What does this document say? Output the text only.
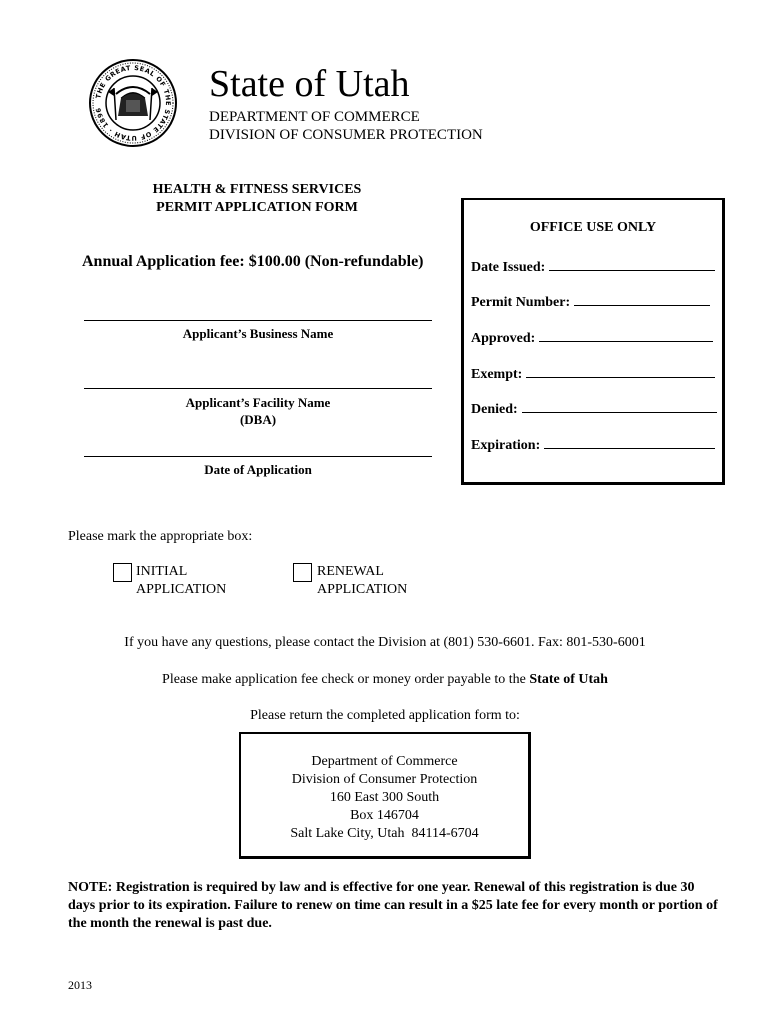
THE GREAT SEAL OF THE STATE OF UTAH · 1896
State of Utah
DEPARTMENT OF COMMERCE
DIVISION OF CONSUMER PROTECTION
HEALTH & FITNESS SERVICES
PERMIT APPLICATION FORM
Annual Application fee: $100.00 (Non-refundable)
Applicant’s Business Name
Applicant’s Facility Name
(DBA)
Date of Application
OFFICE USE ONLY
Date Issued:
Permit Number:
Approved:
Exempt:
Denied:
Expiration:
Please mark the appropriate box:
INITIAL
APPLICATION
RENEWAL
APPLICATION
If you have any questions, please contact the Division at (801) 530-6601. Fax: 801-530-6001
Please make application fee check or money order payable to the State of Utah
Please return the completed application form to:
Department of Commerce
Division of Consumer Protection
160 East 300 South
Box 146704
Salt Lake City, Utah  84114-6704
NOTE: Registration is required by law and is effective for one year. Renewal of this registration is due 30 days prior to its expiration. Failure to renew on time can result in a $25 late fee for every month or portion of the month the renewal is past due.
2013
